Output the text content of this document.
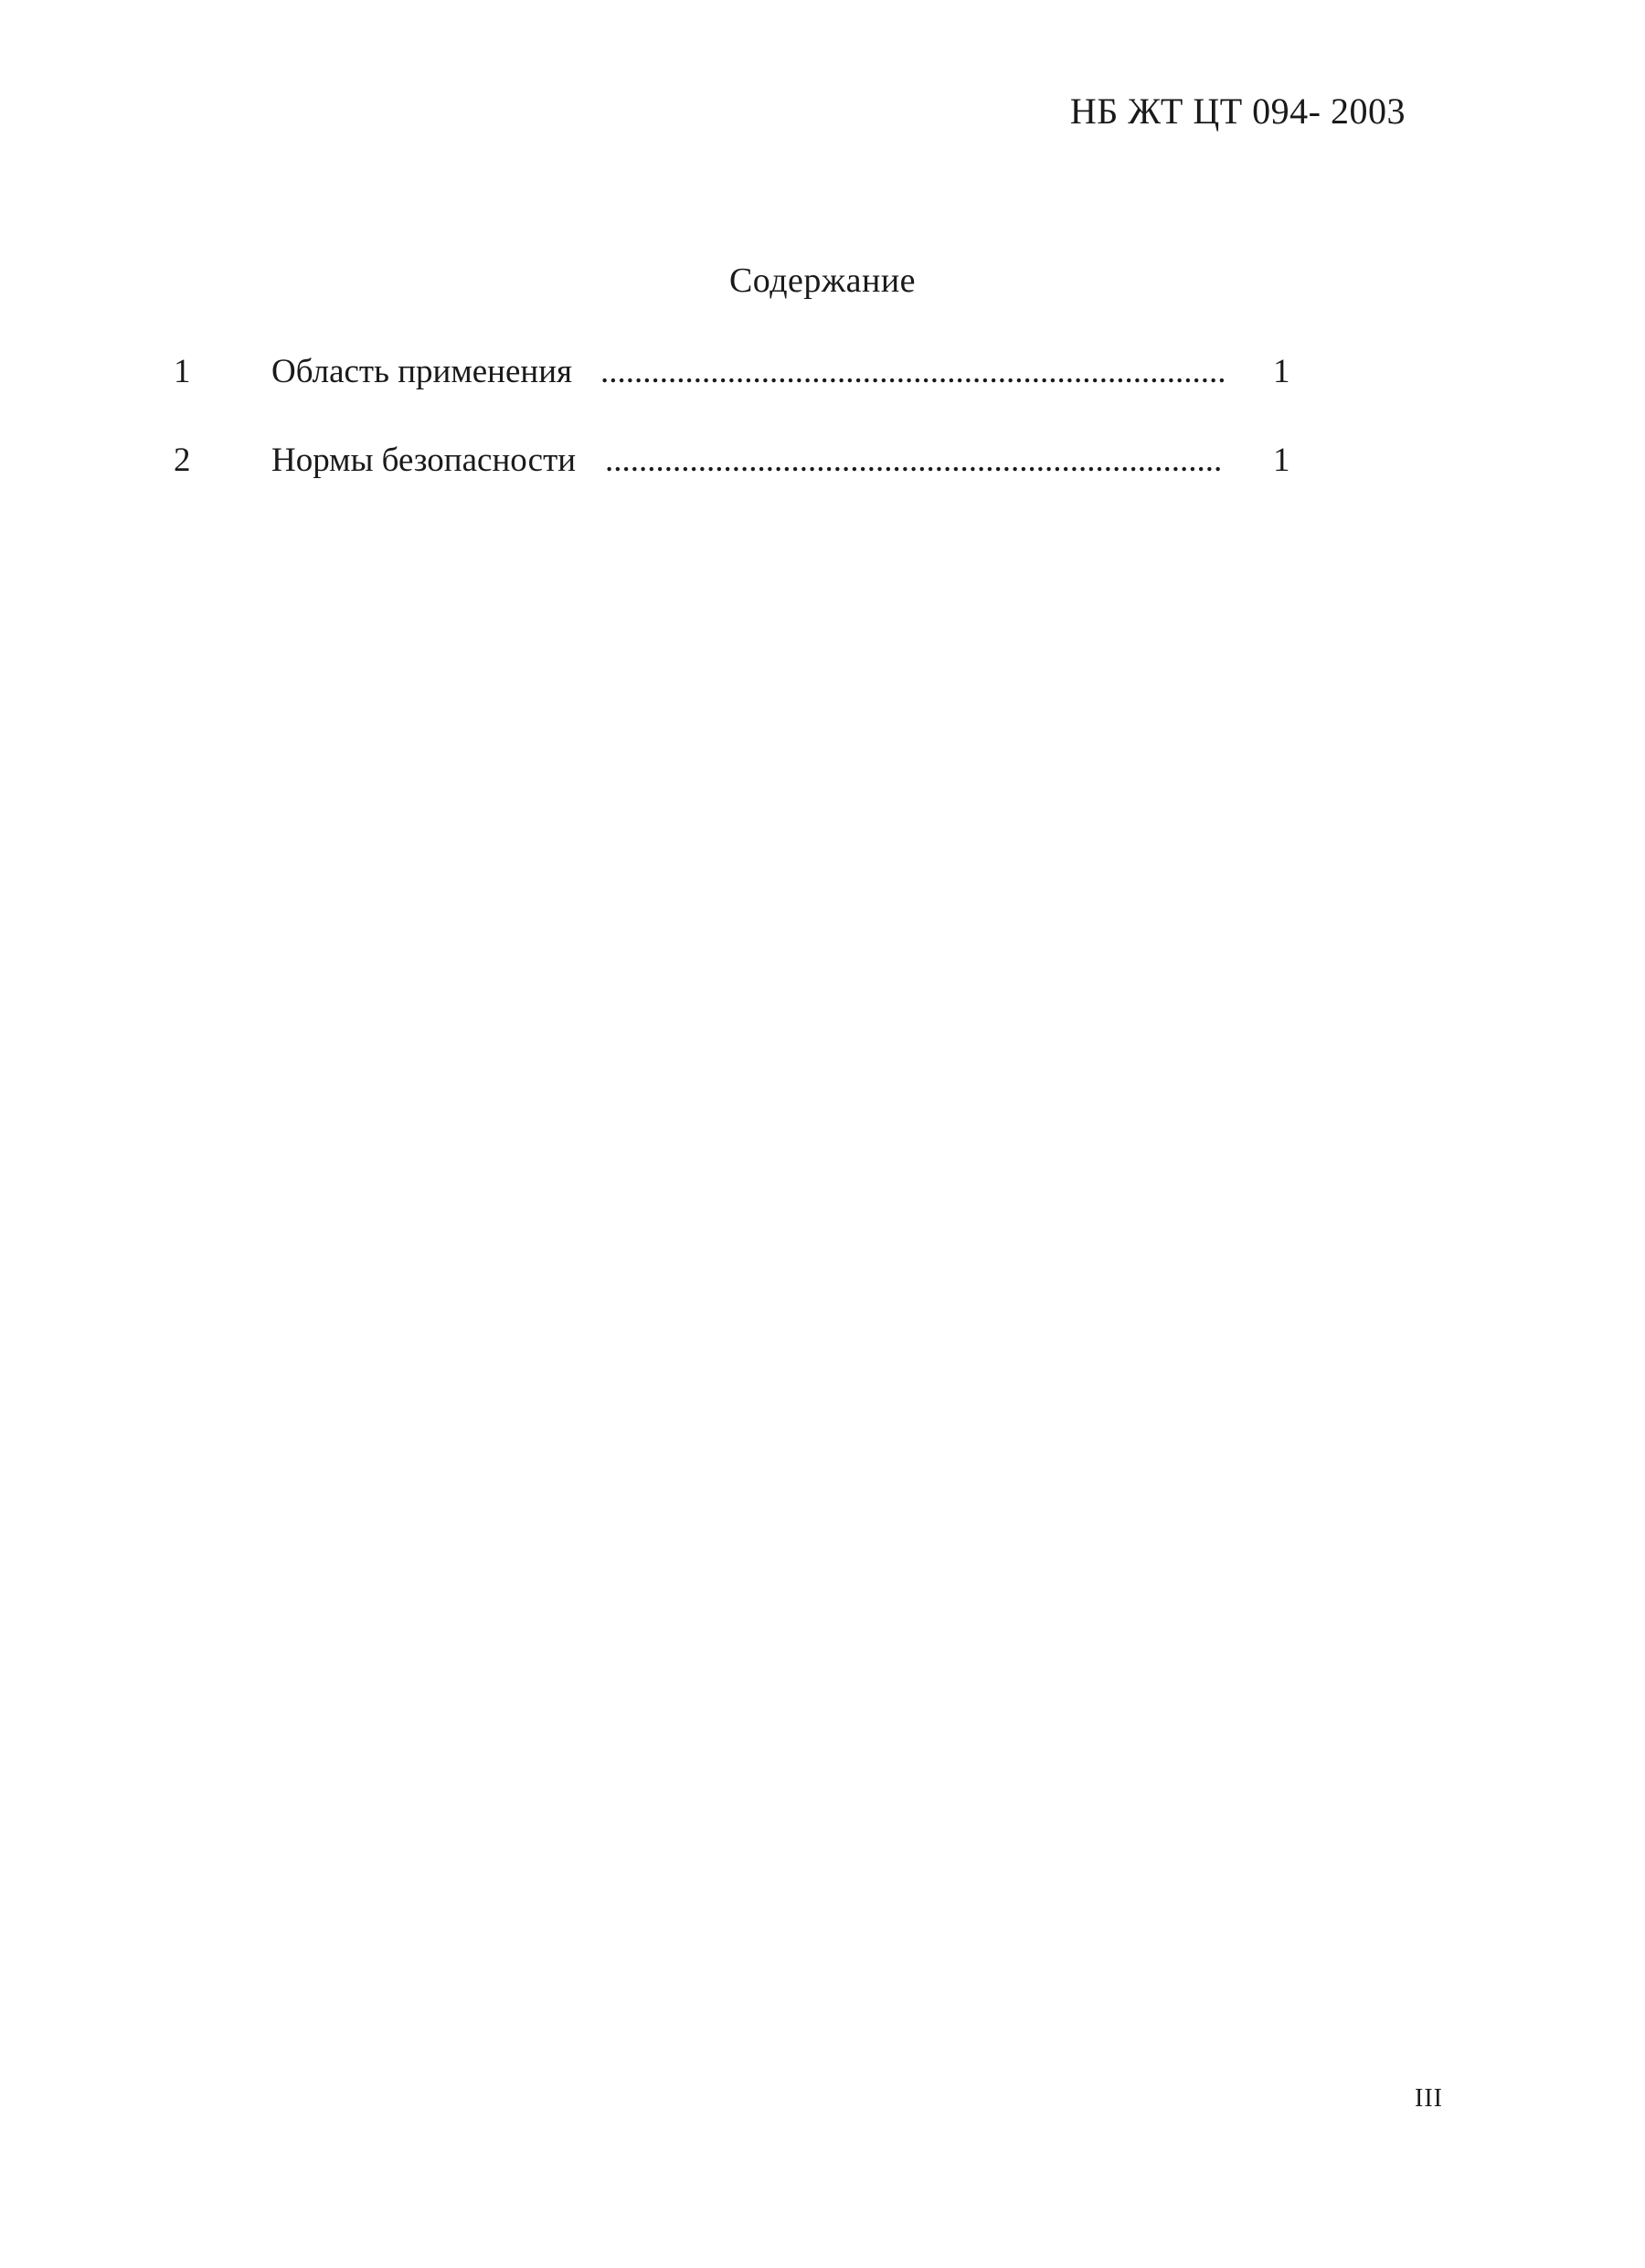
НБ ЖТ ЦТ 094- 2003
Содержание
1 Область применения .......................................................................... 1
2 Нормы безопасности ......................................................................... 1
III
